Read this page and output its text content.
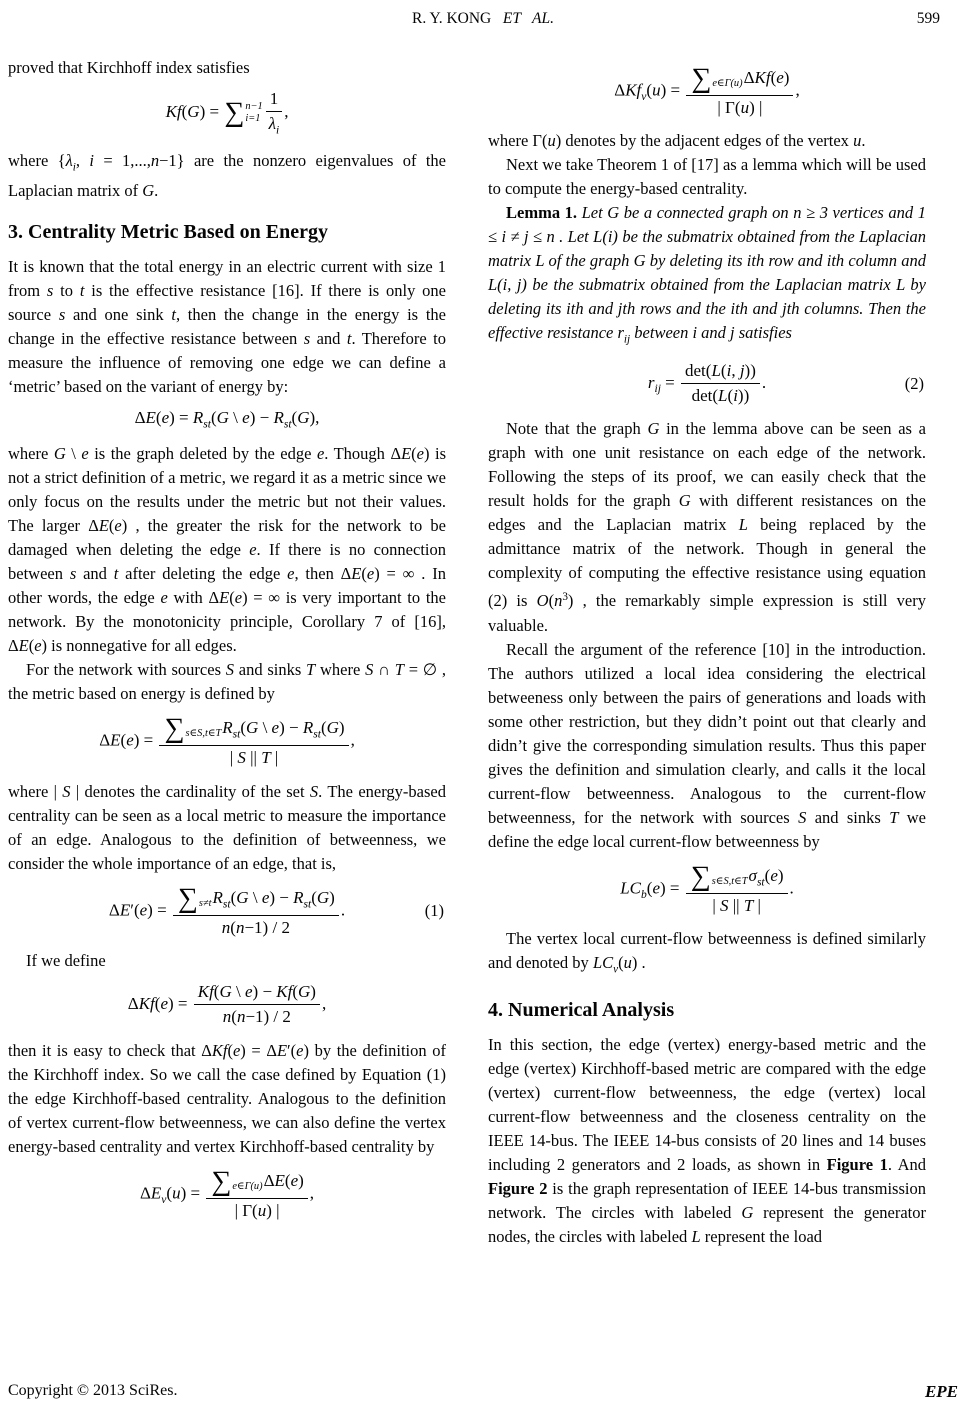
R. Y. KONG   ET   AL.	599

proved that Kirchhoff index satisfies

Kf(G) = ∑ n−1
$i=1 \frac{1}{\lambda_i}$ ,

where {$\lambda_i$, i = 1,...,n−1} are the nonzero eigenvalues of the Laplacian matrix of G.

3. Centrality Metric Based on Energy

It is known that the total energy in an electric current with size 1 from s to t is the effective resistance [16]. If there is only one source s and one sink t, then the change in the energy is the change in the effective resistance between s and t. Therefore to measure the influence of removing one edge we can define a ‘metric’ based on the variant of energy by:

$\Delta E(e) = R_{st}(G$ \ $e) - R_{st}(G)$,

where G \ e is the graph deleted by the edge e. Though ΔE(e) is not a strict definition of a metric, we regard it as a metric since we only focus on the results under the metric but not their values. The larger ΔE(e) , the greater the risk for the network to be damaged when deleting the edge e. If there is no connection between s and t after deleting the edge e, then ΔE(e) = ∞ . In other words, the edge e with ΔE(e) = ∞ is very important to the network. By the monotonicity principle, Corollary 7 of [16], ΔE(e) is nonnegative for all edges.

For the network with sources S and sinks T where S ∩ T = ∅ , the metric based on energy is defined by

$\Delta E(e) = \frac{\sum s\in S,t\in T R_{st}(G \backslash e) - R_{st}(G)}{| S || T |}$ ,

where | S | denotes the cardinality of the set S. The energy-based centrality can be seen as a local metric to measure the importance of an edge. Analogous to the definition of betweenness, we consider the whole importance of an edge, that is,

$\Delta E'(e) = \frac{\sum s\ne t R_{st}(G \backslash e) - R_{st}(G)}{n(n-1) / 2}$ .	(1)

If we define

$\Delta Kf(e) = \frac{Kf(G \backslash e) - Kf(G)}{n(n-1) / 2}$ ,

then it is easy to check that ΔKf(e) = ΔE′(e) by the definition of the Kirchhoff index. So we call the case defined by Equation (1) the edge Kirchhoff-based centrality. Analogous to the definition of vertex current-flow betweenness, we can also define the vertex energy-based centrality and vertex Kirchhoff-based centrality by

$\Delta E_v(u) = \frac{\sum e\in\Gamma(u) \Delta E(e)}{| \Gamma(u) |}$ ,
$\Delta Kf_v(u) = \frac{\text{∑ e∈Γ(u) ΔKf(e)}}{| \Gamma(u) |}$ ,

where Γ(u) denotes by the adjacent edges of the vertex u.

Next we take Theorem 1 of [17] as a lemma which will be used to compute the energy-based centrality.

Lemma 1. Let G be a connected graph on n ≥ 3 vertices and 1 ≤ i ≠ j ≤ n . Let L(i) be the submatrix obtained from the Laplacian matrix L of the graph G by deleting its ith row and ith column and L(i, j) be the submatrix obtained from the Laplacian matrix L by deleting its ith and jth rows and the ith and jth columns. Then the effective resistance $r_{ij}$ between i and j satisfies

$r_{ij} = \frac{\det(L(i, j))}{\det(L(i))}$ .	(2)

Note that the graph G in the lemma above can be seen as a graph with one unit resistance on each edge of the network. Following the steps of its proof, we can easily check that the result holds for the graph G with different resistances on the edges and the Laplacian matrix L being replaced by the admittance matrix of the network. Though in general the complexity of computing the effective resistance using equation (2) is $O(n^3)$ , the remarkably simple expression is still very valuable.

Recall the argument of the reference [10] in the introduction. The authors utilized a local idea considering the electrical betweeness only between the pairs of generations and loads with some other restriction, but they didn’t point out that clearly and didn’t give the corresponding simulation results. Thus this paper gives the definition and simulation clearly, and calls it the local current-flow betweenness. Analogous to the current-flow betweenness, for the network with sources S and sinks T we define the edge local current-flow betweenness by

$LC_b(e) = \frac{\sum s\in S,t\in T \sigma_{st}(e)}{| S || T |}$ .

The vertex local current-flow betweenness is defined similarly and denoted by $LC_v(u)$ .

4. Numerical Analysis

In this section, the edge (vertex) energy-based metric and the edge (vertex) Kirchhoff-based metric are compared with the edge (vertex) current-flow betweenness, the edge (vertex) local current-flow betweenness and the closeness centrality on the IEEE 14-bus. The IEEE 14-bus consists of 20 lines and 14 buses including 2 generators and 2 loads, as shown in Figure 1. And Figure 2 is the graph representation of IEEE 14-bus transmission network. The circles with labeled G represent the generator nodes, the circles with labeled L represent the load

Copyright © 2013 SciRes.	EPE
